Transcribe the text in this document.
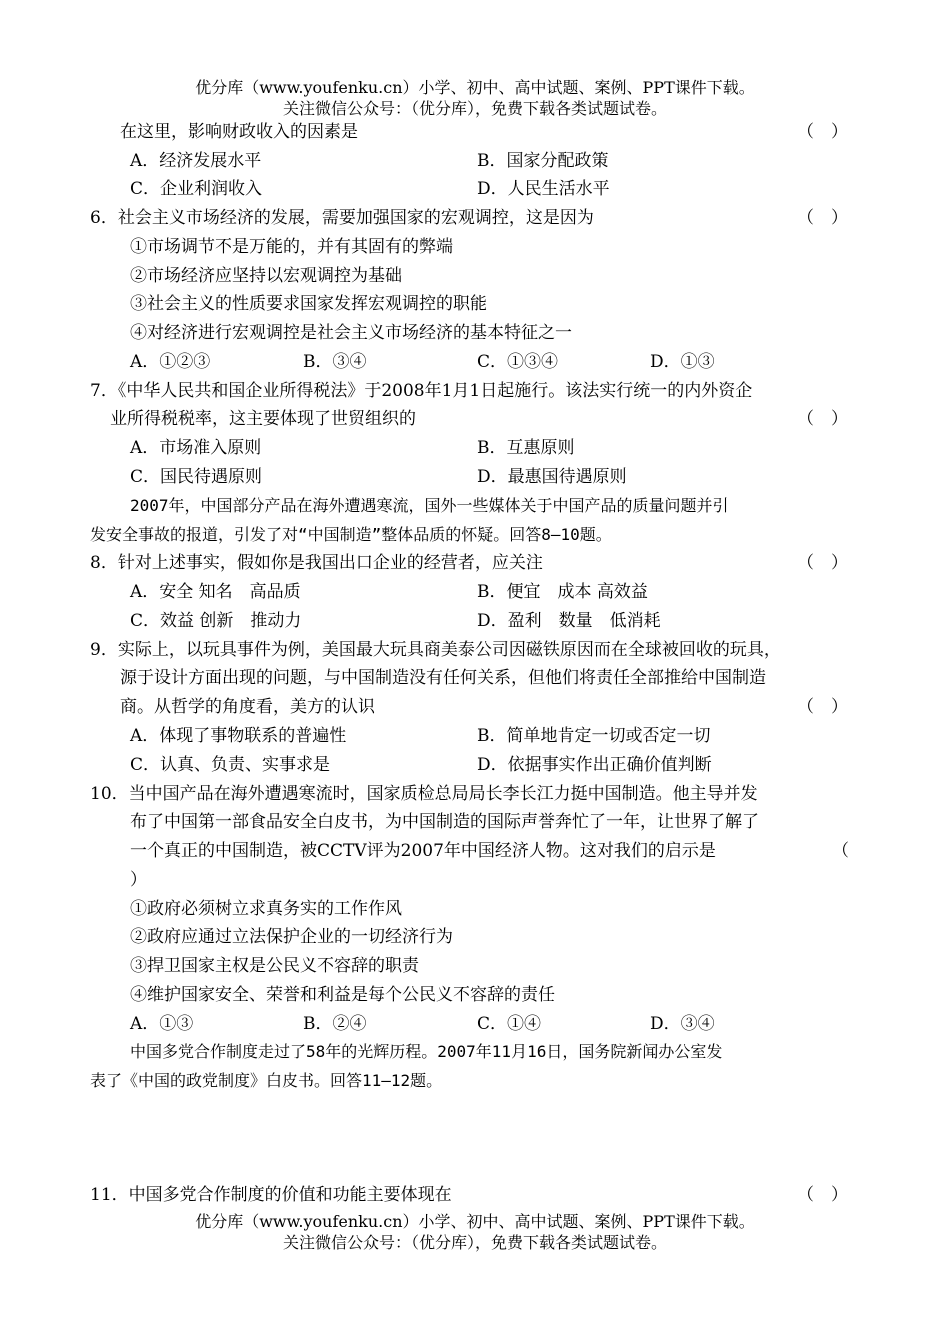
优分库（www.youfenku.cn）小学、初中、高中试题、案例、PPT课件下载。
关注微信公众号：（优分库），免费下载各类试题试卷。
在这里，影响财政收入的因素是	（　）
A．经济发展水平	B．国家分配政策
C．企业利润收入	D．人民生活水平
6．社会主义市场经济的发展，需要加强国家的宏观调控，这是因为	（　）
①市场调节不是万能的，并有其固有的弊端
②市场经济应坚持以宏观调控为基础
③社会主义的性质要求国家发挥宏观调控的职能
④对经济进行宏观调控是社会主义市场经济的基本特征之一
A．①②③	B．③④	C．①③④	D．①③
7．《中华人民共和国企业所得税法》于2008年1月1日起施行。该法实行统一的内外资企
业所得税税率，这主要体现了世贸组织的	（　）
A．市场准入原则	B．互惠原则
C．国民待遇原则	D．最惠国待遇原则
2007年，中国部分产品在海外遭遇寒流，国外一些媒体关于中国产品的质量问题并引
发安全事故的报道，引发了对“中国制造”整体品质的怀疑。回答8—10题。
8．针对上述事实，假如你是我国出口企业的经营者，应关注	（　）
A．安全 知名　高品质	B．便宜　成本 高效益
C．效益 创新　推动力	D．盈利　数量　低消耗
9．实际上，以玩具事件为例，美国最大玩具商美泰公司因磁铁原因而在全球被回收的玩具，
源于设计方面出现的问题，与中国制造没有任何关系，但他们将责任全部推给中国制造
商。从哲学的角度看，美方的认识	（　）
A．体现了事物联系的普遍性	B．简单地肯定一切或否定一切
C．认真、负责、实事求是	D．依据事实作出正确价值判断
10．当中国产品在海外遭遇寒流时，国家质检总局局长李长江力挺中国制造。他主导并发
布了中国第一部食品安全白皮书，为中国制造的国际声誉奔忙了一年，让世界了解了
一个真正的中国制造，被CCTV评为2007年中国经济人物。这对我们的启示是	（
）
①政府必须树立求真务实的工作作风
②政府应通过立法保护企业的一切经济行为
③捍卫国家主权是公民义不容辞的职责
④维护国家安全、荣誉和利益是每个公民义不容辞的责任
A．①③	B．②④	C．①④	D．③④
中国多党合作制度走过了58年的光辉历程。2007年11月16日，国务院新闻办公室发
表了《中国的政党制度》白皮书。回答11—12题。
11．中国多党合作制度的价值和功能主要体现在	（　）
优分库（www.youfenku.cn）小学、初中、高中试题、案例、PPT课件下载。
关注微信公众号：（优分库），免费下载各类试题试卷。
